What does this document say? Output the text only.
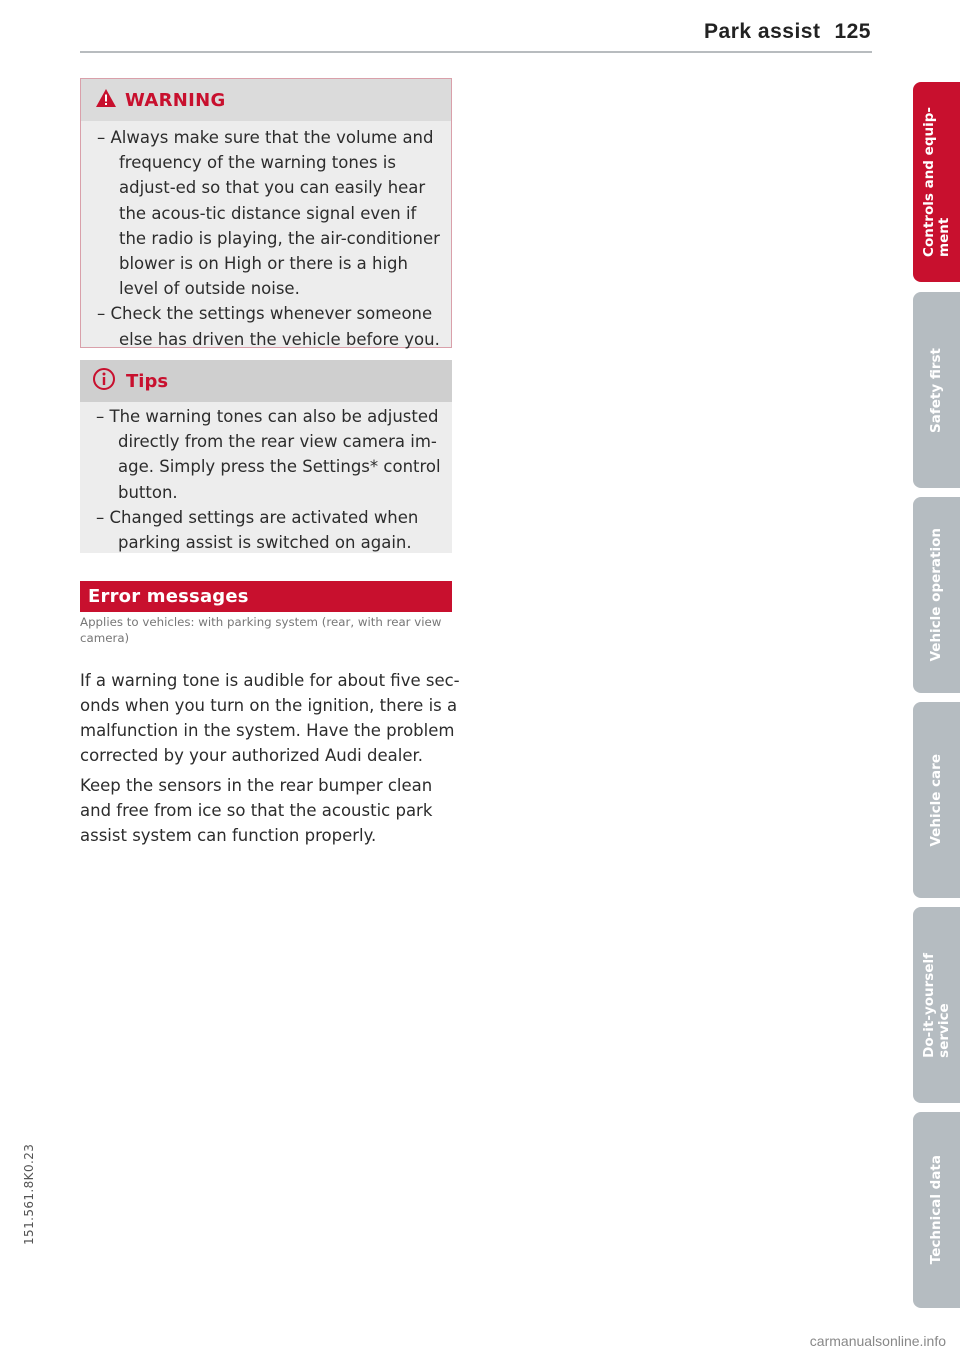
Park assist 125
WARNING
– Always make sure that the volume and frequency of the warning tones is adjust-ed so that you can easily hear the acous-tic distance signal even if the radio is playing, the air-conditioner blower is on High or there is a high level of outside noise.
– Check the settings whenever someone else has driven the vehicle before you.
Tips
– The warning tones can also be adjusted directly from the rear view camera im-age. Simply press the Settings* control button.
– Changed settings are activated when parking assist is switched on again.
Error messages
Applies to vehicles: with parking system (rear, with rear view camera)

If a warning tone is audible for about five sec-onds when you turn on the ignition, there is a malfunction in the system. Have the problem corrected by your authorized Audi dealer.

Keep the sensors in the rear bumper clean and free from ice so that the acoustic park assist system can function properly.

Controls and equip-
ment
Safety first
Vehicle operation
Vehicle care
Do-it-yourself
service
Technical data
151.561.8K0.23
carmanualsonline.info
